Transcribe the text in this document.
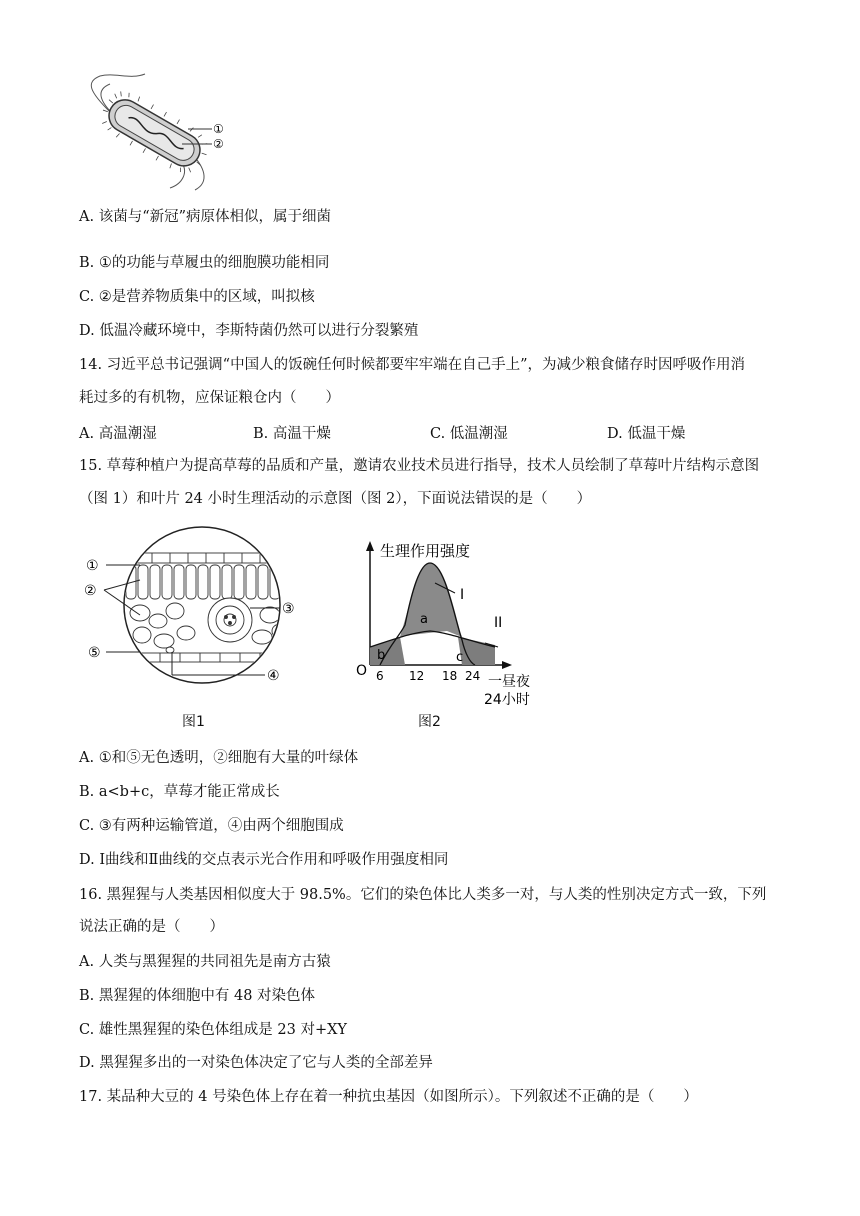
①
②
A. 该菌与“新冠”病原体相似，属于细菌
B. ①的功能与草履虫的细胞膜功能相同
C. ②是营养物质集中的区域，叫拟核
D. 低温冷藏环境中，李斯特菌仍然可以进行分裂繁殖
14. 习近平总书记强调“中国人的饭碗任何时候都要牢牢端在自己手上”，为减少粮食储存时因呼吸作用消
耗过多的有机物，应保证粮仓内（　　）
A. 高温潮湿	B. 高温干燥	C. 低温潮湿	D. 低温干燥
15. 草莓种植户为提高草莓的品质和产量，邀请农业技术员进行指导，技术人员绘制了草莓叶片结构示意图
（图 1）和叶片 24 小时生理活动的示意图（图 2），下面说法错误的是（　　）
①
②
③
⑤
④
图1
生理作用强度
I
II
a
b	c
O 6 12 18 24 一昼夜
24小时
图2
A. ①和⑤无色透明，②细胞有大量的叶绿体
B. a<b+c，草莓才能正常成长
C. ③有两种运输管道，④由两个细胞围成
D. Ⅰ曲线和Ⅱ曲线的交点表示光合作用和呼吸作用强度相同
16. 黑猩猩与人类基因相似度大于 98.5%。它们的染色体比人类多一对，与人类的性别决定方式一致，下列
说法正确的是（　　）
A. 人类与黑猩猩的共同祖先是南方古猿
B. 黑猩猩的体细胞中有 48 对染色体
C. 雄性黑猩猩的染色体组成是 23 对+XY
D. 黑猩猩多出的一对染色体决定了它与人类的全部差异
17. 某品种大豆的 4 号染色体上存在着一种抗虫基因（如图所示）。下列叙述不正确的是（　　）
